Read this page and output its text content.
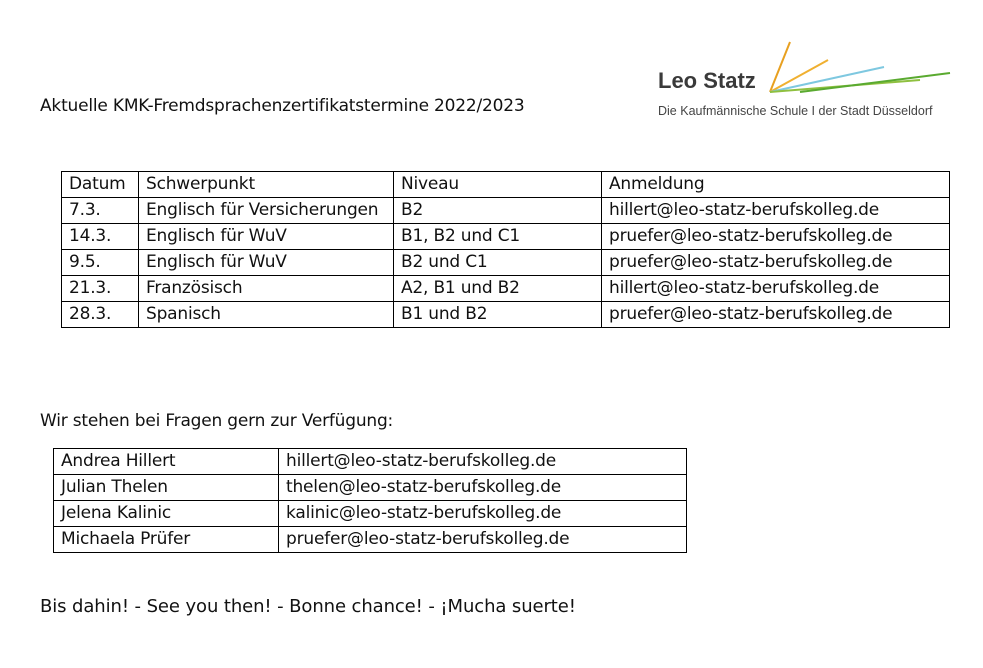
Aktuelle KMK-Fremdsprachenzertifikatstermine 2022/2023
Leo Statz
Die Kaufmännische Schule I der Stadt Düsseldorf
Datum	Schwerpunkt	Niveau	Anmeldung
7.3.	Englisch für Versicherungen	B2	hillert@leo-statz-berufskolleg.de
14.3.	Englisch für WuV	B1, B2 und C1	pruefer@leo-statz-berufskolleg.de
9.5.	Englisch für WuV	B2 und C1	pruefer@leo-statz-berufskolleg.de
21.3.	Französisch	A2, B1 und B2	hillert@leo-statz-berufskolleg.de
28.3.	Spanisch	B1 und B2	pruefer@leo-statz-berufskolleg.de
Wir stehen bei Fragen gern zur Verfügung:
Andrea Hillert	hillert@leo-statz-berufskolleg.de
Julian Thelen	thelen@leo-statz-berufskolleg.de
Jelena Kalinic	kalinic@leo-statz-berufskolleg.de
Michaela Prüfer	pruefer@leo-statz-berufskolleg.de
Bis dahin! - See you then! - Bonne chance! - ¡Mucha suerte!
